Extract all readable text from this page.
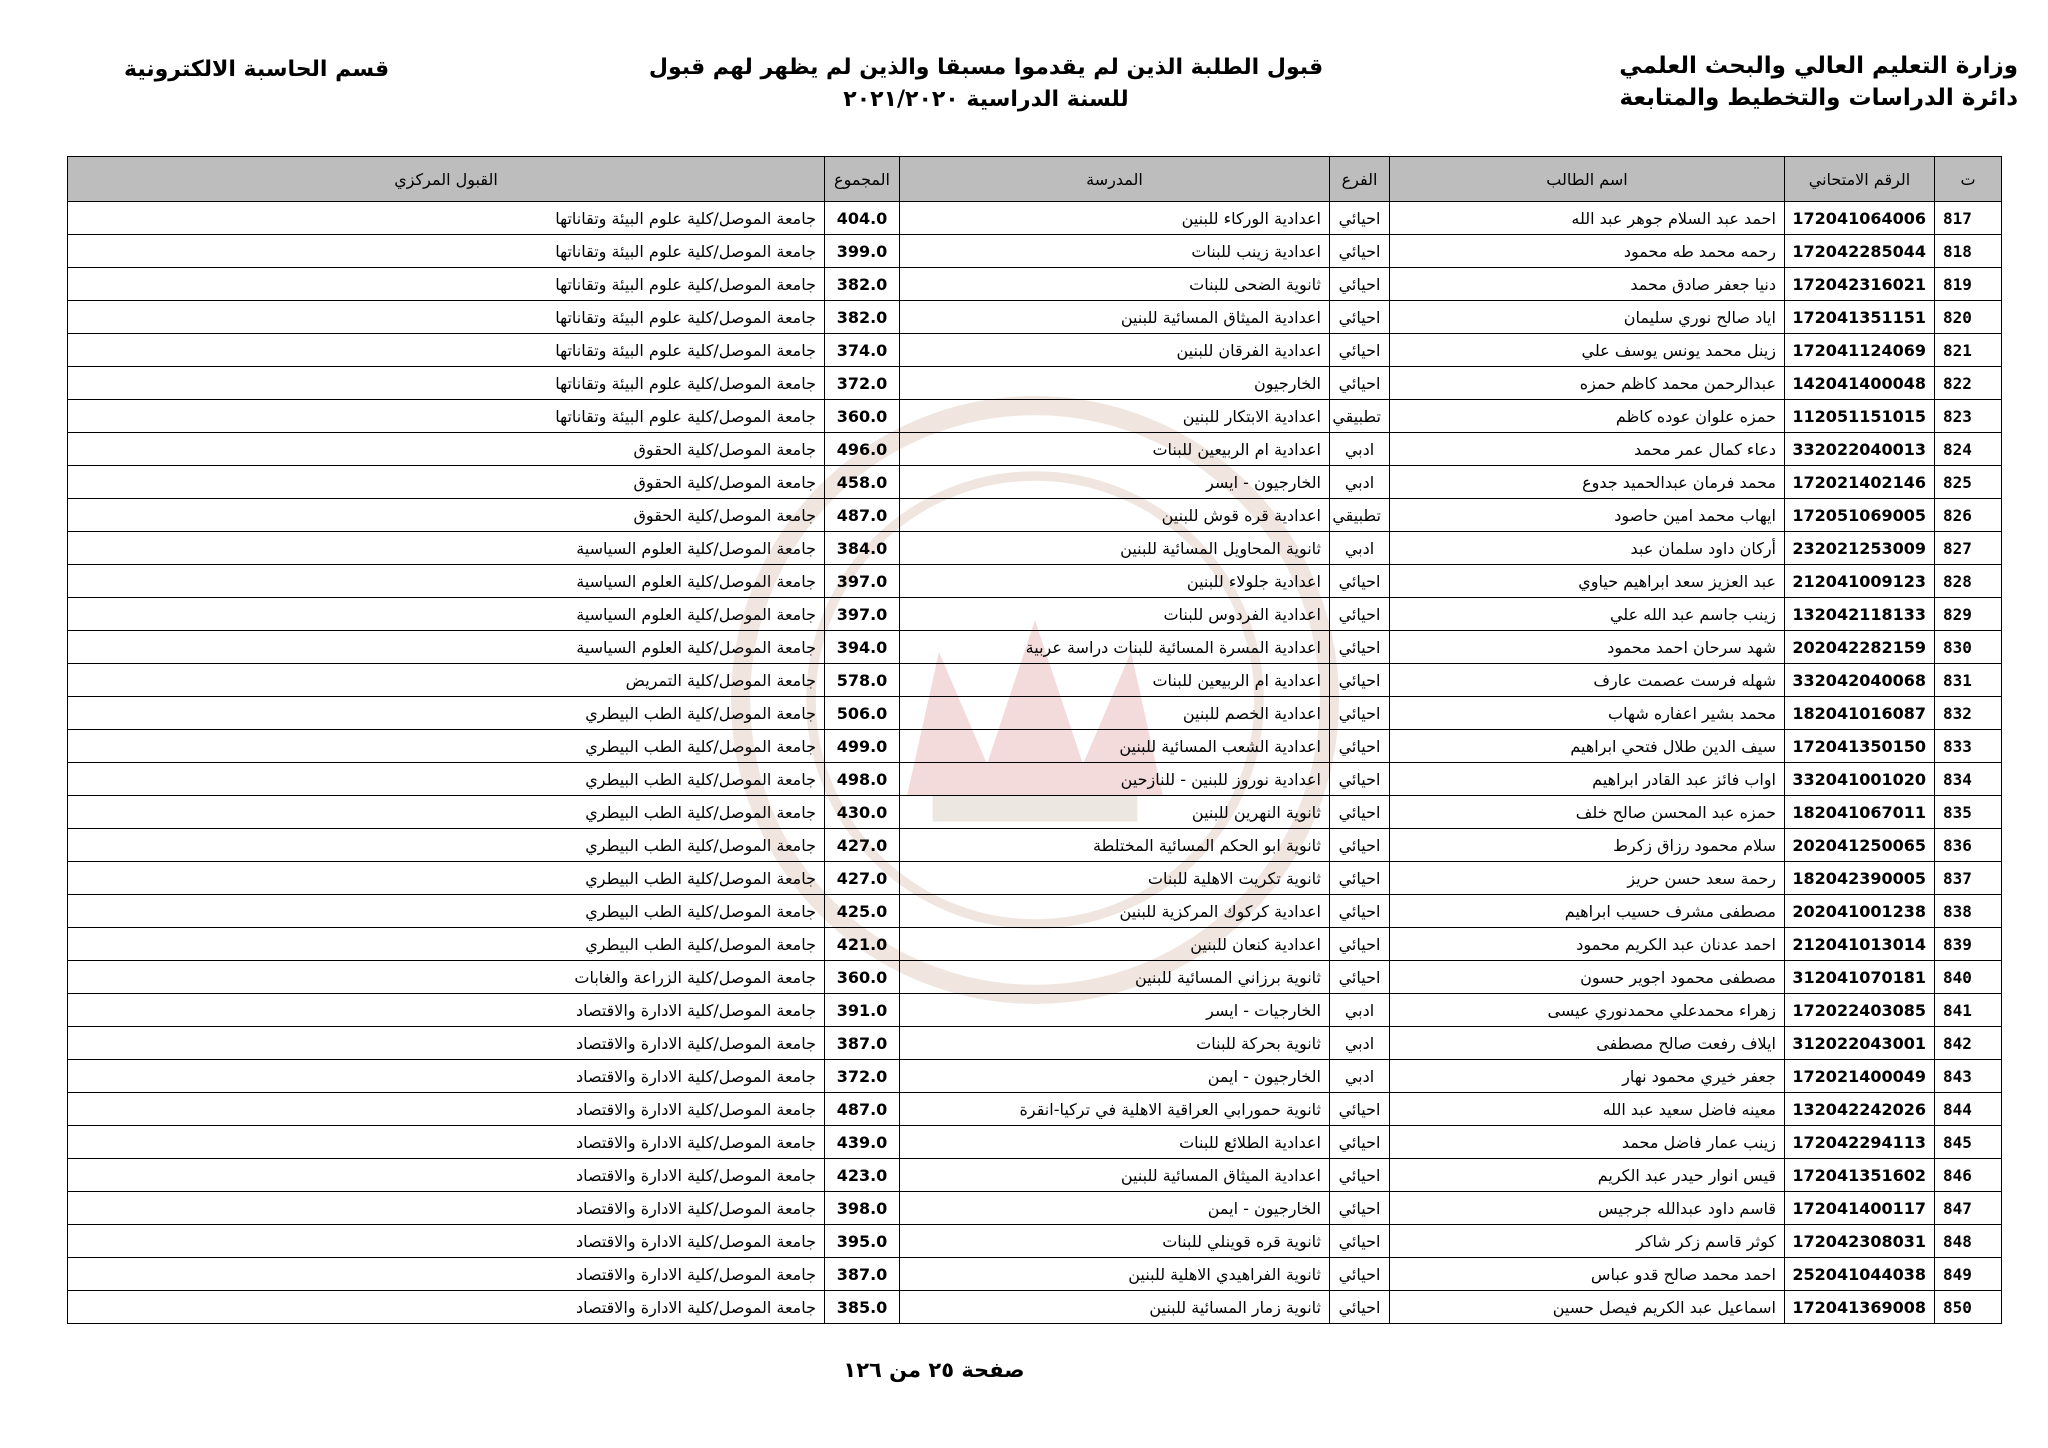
وزارة التعليم العالي والبحث العلمي
دائرة الدراسات والتخطيط والمتابعة
قبول الطلبة الذين لم يقدموا مسبقا والذين لم يظهر لهم قبول
للسنة الدراسية ٢٠٢١/٢٠٢٠
قسم الحاسبة الالكترونية
ت	الرقم الامتحاني	اسم الطالب	الفرع	المدرسة	المجموع	القبول المركزي
817	172041064006	احمد عبد السلام جوهر عبد الله	احيائي	اعدادية الوركاء للبنين	404.0	جامعة الموصل/كلية علوم البيئة وتقاناتها
818	172042285044	رحمه محمد طه محمود	احيائي	اعدادية زينب للبنات	399.0	جامعة الموصل/كلية علوم البيئة وتقاناتها
819	172042316021	دنيا جعفر صادق محمد	احيائي	ثانوية الضحى للبنات	382.0	جامعة الموصل/كلية علوم البيئة وتقاناتها
820	172041351151	اياد صالح نوري سليمان	احيائي	اعدادية الميثاق المسائية للبنين	382.0	جامعة الموصل/كلية علوم البيئة وتقاناتها
821	172041124069	زينل محمد يونس يوسف علي	احيائي	اعدادية الفرقان للبنين	374.0	جامعة الموصل/كلية علوم البيئة وتقاناتها
822	142041400048	عبدالرحمن محمد كاظم حمزه	احيائي	الخارجيون	372.0	جامعة الموصل/كلية علوم البيئة وتقاناتها
823	112051151015	حمزه علوان عوده كاظم	تطبيقي	اعدادية الابتكار للبنين	360.0	جامعة الموصل/كلية علوم البيئة وتقاناتها
824	332022040013	دعاء كمال عمر محمد	ادبي	اعدادية ام الربيعين للبنات	496.0	جامعة الموصل/كلية الحقوق
825	172021402146	محمد فرمان عبدالحميد جدوع	ادبي	الخارجيون - ايسر	458.0	جامعة الموصل/كلية الحقوق
826	172051069005	ايهاب محمد امين حاصود	تطبيقي	اعدادية قره قوش للبنين	487.0	جامعة الموصل/كلية الحقوق
827	232021253009	أركان داود سلمان عبد	ادبي	ثانوية المحاويل المسائية للبنين	384.0	جامعة الموصل/كلية العلوم السياسية
828	212041009123	عبد العزيز سعد ابراهيم حياوي	احيائي	اعدادية جلولاء للبنين	397.0	جامعة الموصل/كلية العلوم السياسية
829	132042118133	زينب جاسم عبد الله علي	احيائي	اعدادية الفردوس للبنات	397.0	جامعة الموصل/كلية العلوم السياسية
830	202042282159	شهد سرحان احمد محمود	احيائي	اعدادية المسرة المسائية للبنات دراسة عربية	394.0	جامعة الموصل/كلية العلوم السياسية
831	332042040068	شهله فرست عصمت عارف	احيائي	اعدادية ام الربيعين للبنات	578.0	جامعة الموصل/كلية التمريض
832	182041016087	محمد بشير اعفاره شهاب	احيائي	اعدادية الخصم للبنين	506.0	جامعة الموصل/كلية الطب البيطري
833	172041350150	سيف الدين طلال فتحي ابراهيم	احيائي	اعدادية الشعب المسائية للبنين	499.0	جامعة الموصل/كلية الطب البيطري
834	332041001020	اواب فائز عبد القادر ابراهيم	احيائي	اعدادية نوروز للبنين - للنازحين	498.0	جامعة الموصل/كلية الطب البيطري
835	182041067011	حمزه عبد المحسن صالح خلف	احيائي	ثانوية النهرين للبنين	430.0	جامعة الموصل/كلية الطب البيطري
836	202041250065	سلام محمود رزاق زكرط	احيائي	ثانوية ابو الحكم المسائية المختلطة	427.0	جامعة الموصل/كلية الطب البيطري
837	182042390005	رحمة سعد حسن حريز	احيائي	ثانوية تكريت الاهلية للبنات	427.0	جامعة الموصل/كلية الطب البيطري
838	202041001238	مصطفى مشرف حسيب ابراهيم	احيائي	اعدادية كركوك المركزية للبنين	425.0	جامعة الموصل/كلية الطب البيطري
839	212041013014	احمد عدنان عبد الكريم محمود	احيائي	اعدادية كنعان للبنين	421.0	جامعة الموصل/كلية الطب البيطري
840	312041070181	مصطفى محمود اجوير حسون	احيائي	ثانوية برزاني المسائية للبنين	360.0	جامعة الموصل/كلية الزراعة والغابات
841	172022403085	زهراء محمدعلي محمدنوري عيسى	ادبي	الخارجيات - ايسر	391.0	جامعة الموصل/كلية الادارة والاقتصاد
842	312022043001	ايلاف رفعت صالح مصطفى	ادبي	ثانوية بحركة للبنات	387.0	جامعة الموصل/كلية الادارة والاقتصاد
843	172021400049	جعفر خيري محمود نهار	ادبي	الخارجيون - ايمن	372.0	جامعة الموصل/كلية الادارة والاقتصاد
844	132042242026	معينه فاضل سعيد عبد الله	احيائي	ثانوية حمورابي العراقية الاهلية في تركيا-انقرة	487.0	جامعة الموصل/كلية الادارة والاقتصاد
845	172042294113	زينب عمار فاضل محمد	احيائي	اعدادية الطلائع للبنات	439.0	جامعة الموصل/كلية الادارة والاقتصاد
846	172041351602	قيس انوار حيدر عبد الكريم	احيائي	اعدادية الميثاق المسائية للبنين	423.0	جامعة الموصل/كلية الادارة والاقتصاد
847	172041400117	قاسم داود عبدالله جرجيس	احيائي	الخارجيون - ايمن	398.0	جامعة الموصل/كلية الادارة والاقتصاد
848	172042308031	كوثر قاسم زكر شاكر	احيائي	ثانوية قره قوينلي للبنات	395.0	جامعة الموصل/كلية الادارة والاقتصاد
849	252041044038	احمد محمد صالح قدو عباس	احيائي	ثانوية الفراهيدي الاهلية للبنين	387.0	جامعة الموصل/كلية الادارة والاقتصاد
850	172041369008	اسماعيل عبد الكريم فيصل حسين	احيائي	ثانوية زمار المسائية للبنين	385.0	جامعة الموصل/كلية الادارة والاقتصاد
صفحة ٢٥ من ١٢٦
